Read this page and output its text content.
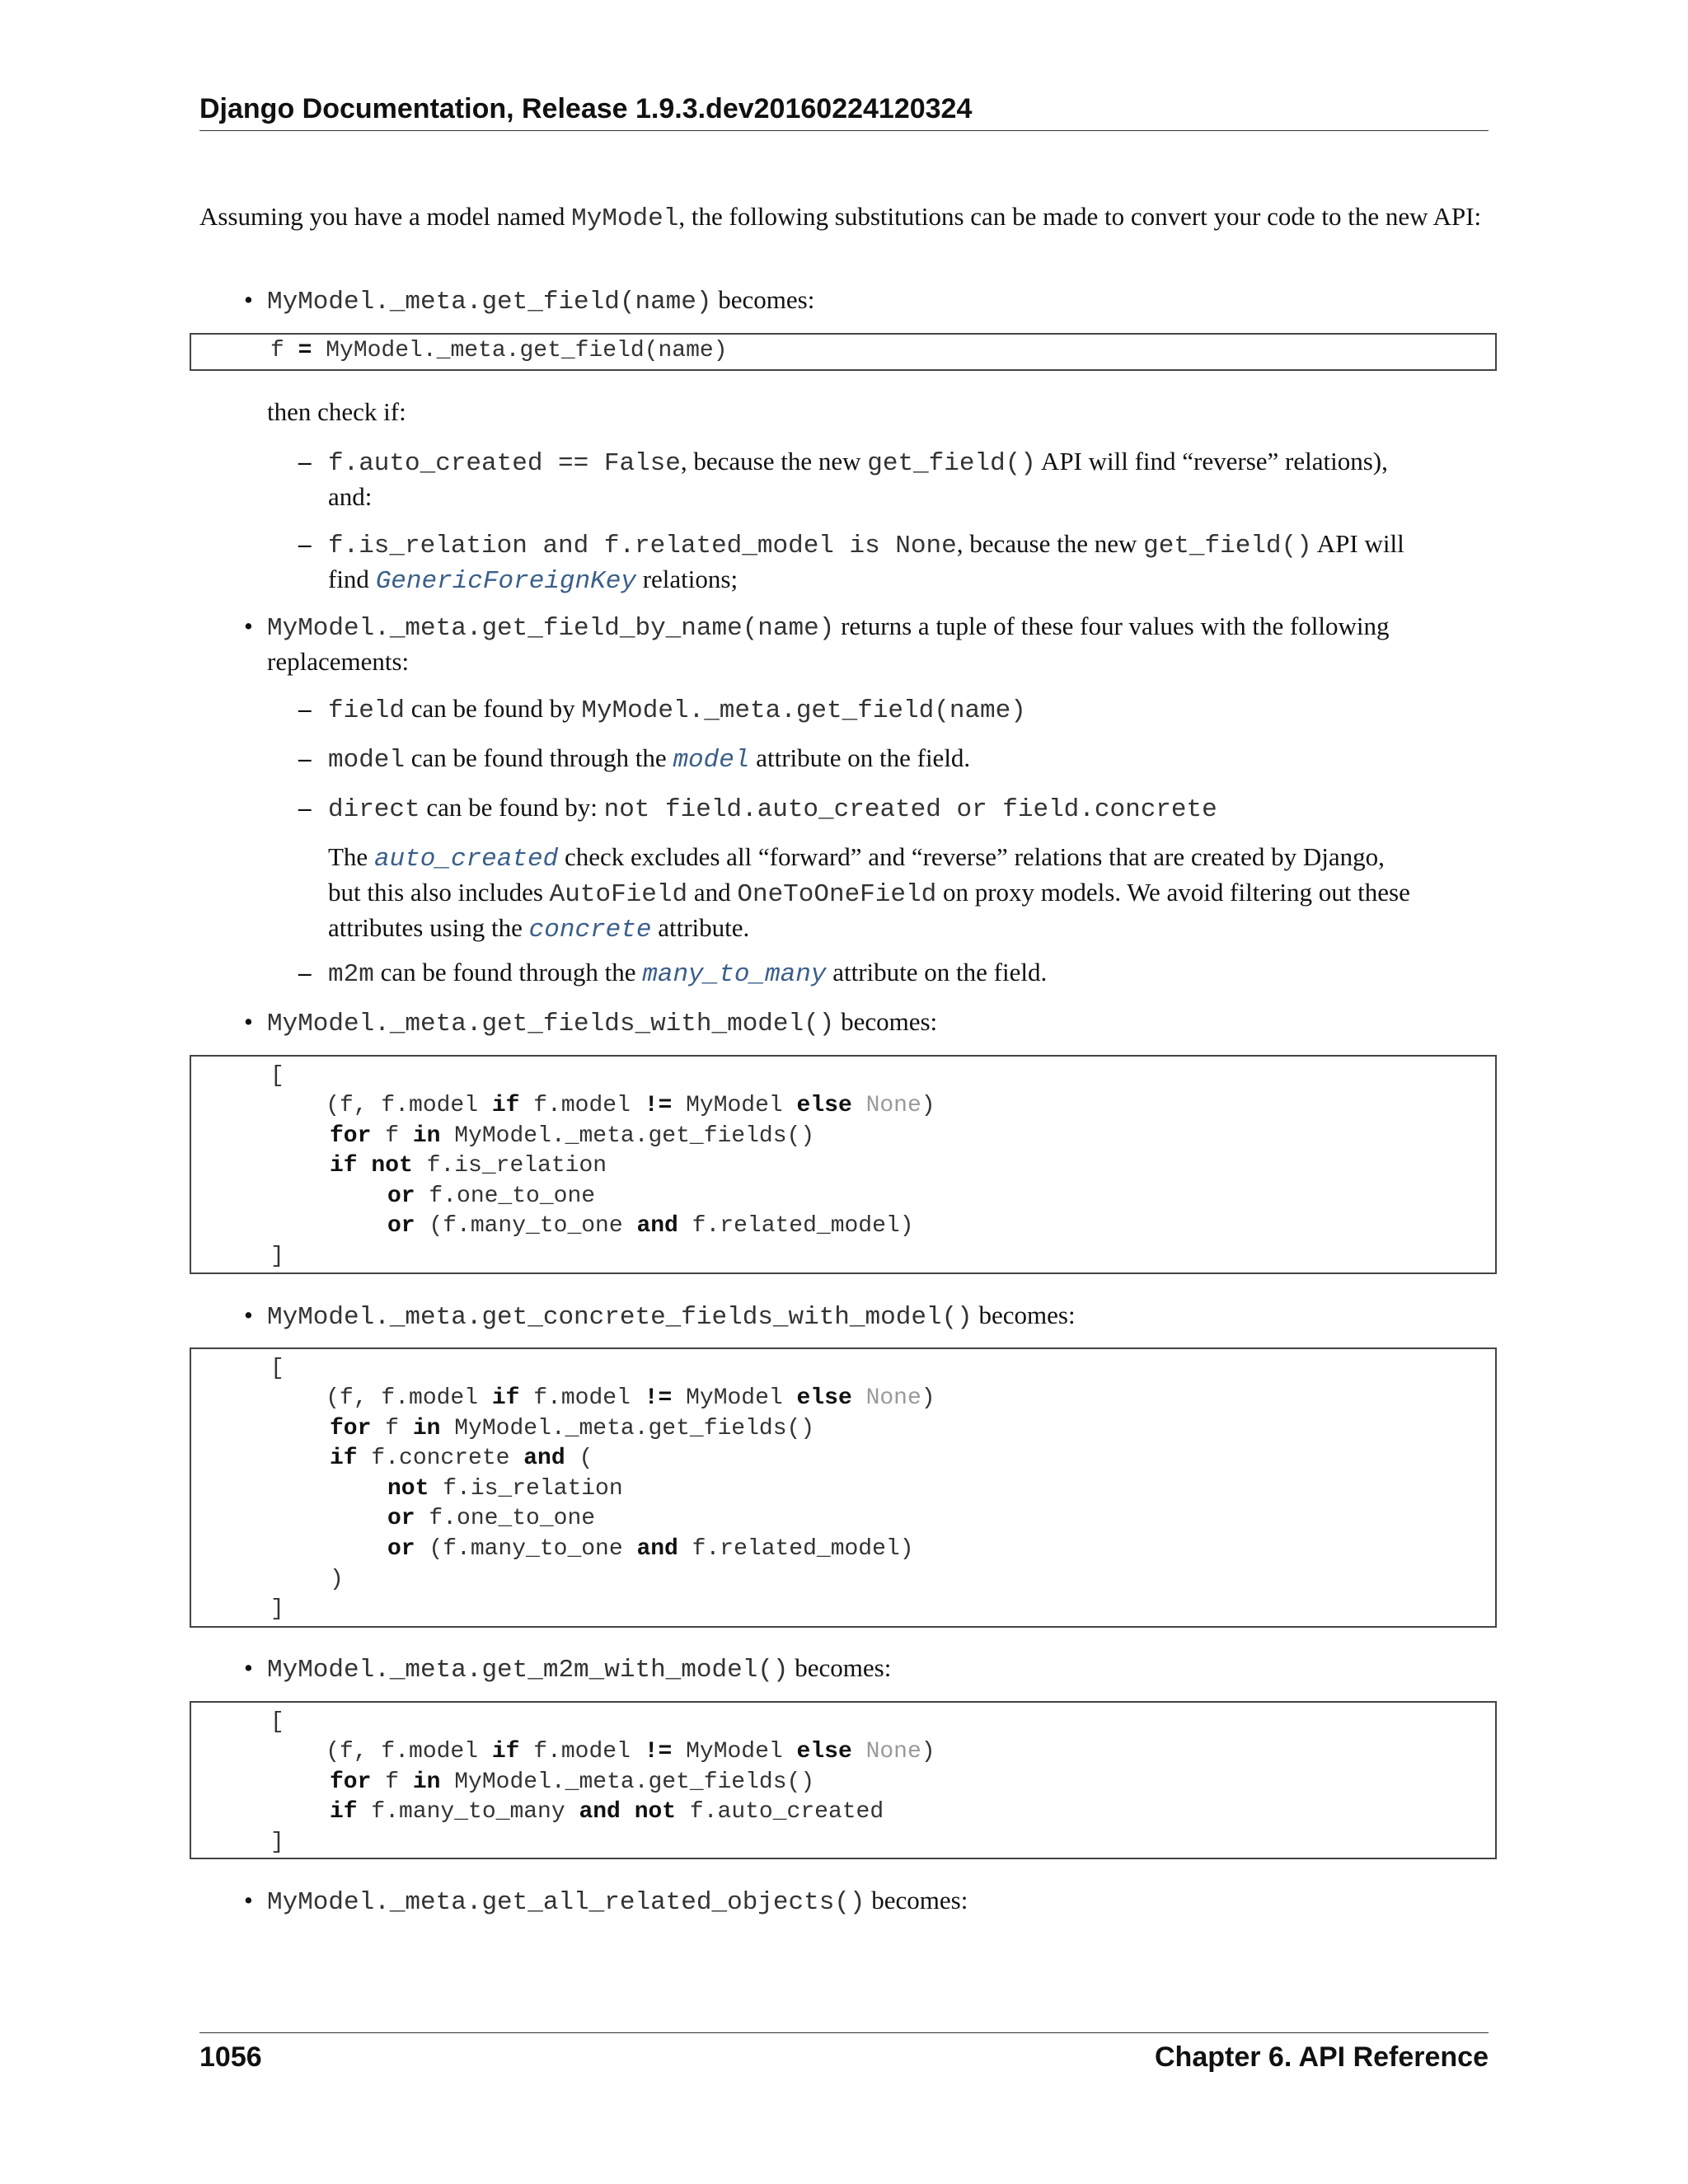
Django Documentation, Release 1.9.3.dev20160224120324
Assuming you have a model named MyModel, the following substitutions can be made to convert your code to the new API:
• MyModel._meta.get_field(name) becomes:
f = MyModel._meta.get_field(name)
then check if:
– f.auto_created == False, because the new get_field() API will find “reverse” relations),
and:
– f.is_relation and f.related_model is None, because the new get_field() API will
find GenericForeignKey relations;
• MyModel._meta.get_field_by_name(name) returns a tuple of these four values with the following
replacements:
– field can be found by MyModel._meta.get_field(name)
– model can be found through the model attribute on the field.
– direct can be found by: not field.auto_created or field.concrete
The auto_created check excludes all “forward” and “reverse” relations that are created by Django,
but this also includes AutoField and OneToOneField on proxy models. We avoid filtering out these
attributes using the concrete attribute.
– m2m can be found through the many_to_many attribute on the field.
• MyModel._meta.get_fields_with_model() becomes:
[
(f, f.model if f.model != MyModel else None)
for f in MyModel._meta.get_fields()
if not f.is_relation
or f.one_to_one
or (f.many_to_one and f.related_model)
]
• MyModel._meta.get_concrete_fields_with_model() becomes:
[
(f, f.model if f.model != MyModel else None)
for f in MyModel._meta.get_fields()
if f.concrete and (
not f.is_relation
or f.one_to_one
or (f.many_to_one and f.related_model)
)
]
• MyModel._meta.get_m2m_with_model() becomes:
[
(f, f.model if f.model != MyModel else None)
for f in MyModel._meta.get_fields()
if f.many_to_many and not f.auto_created
]
• MyModel._meta.get_all_related_objects() becomes:
1056	Chapter 6. API Reference
